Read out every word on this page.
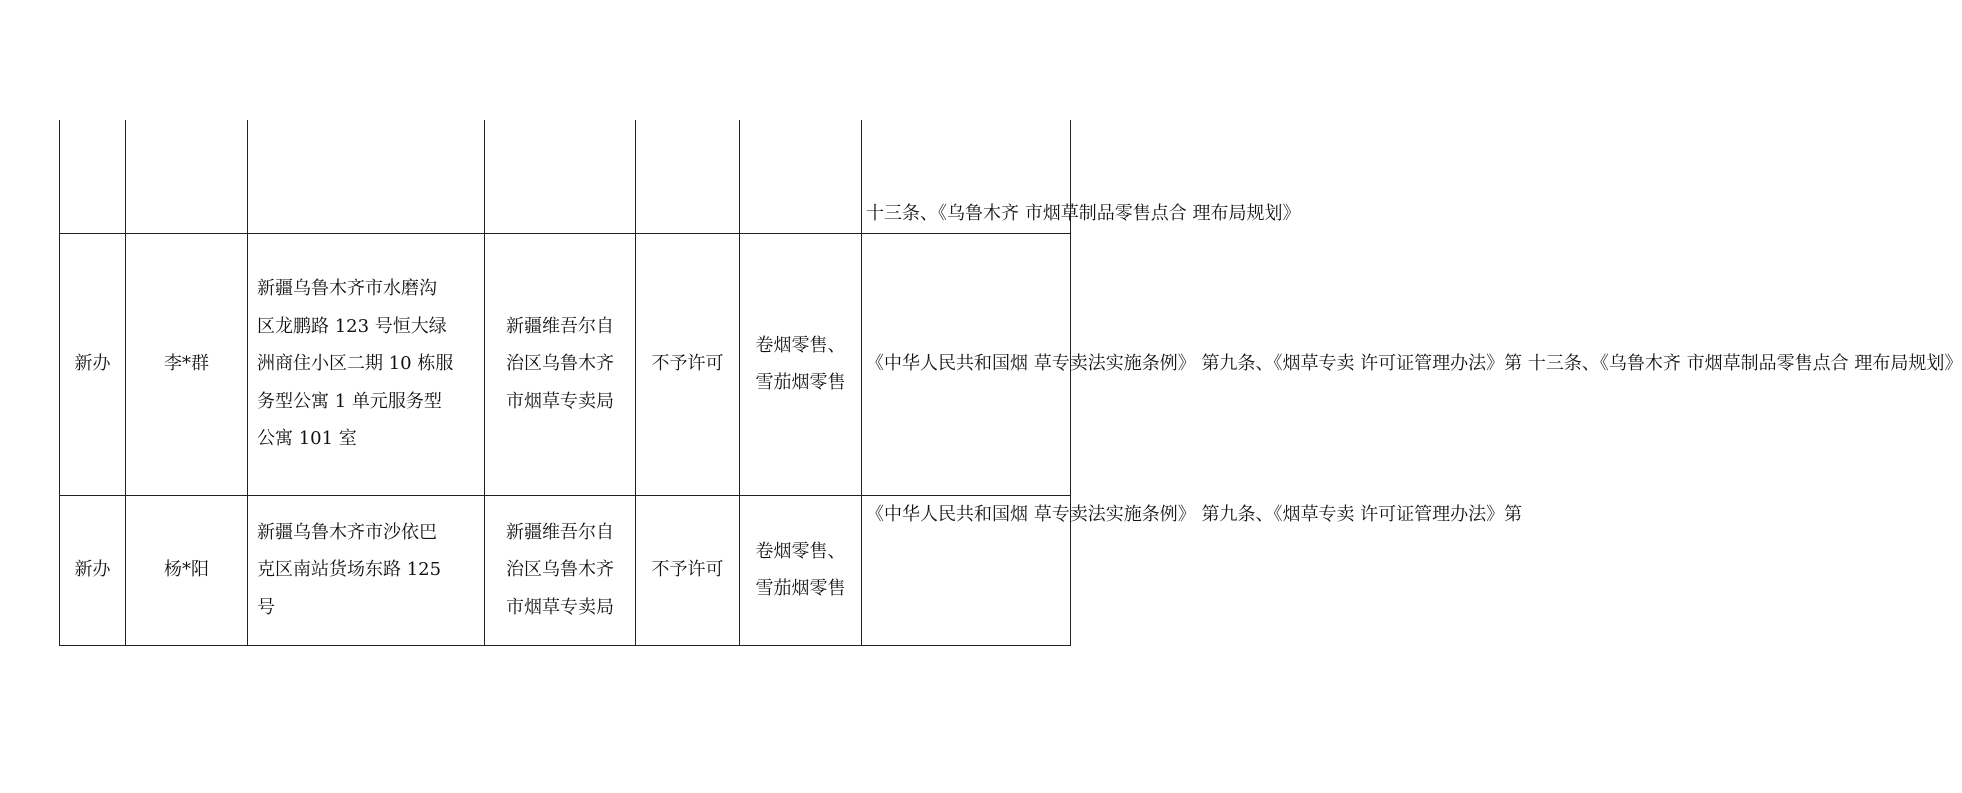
						十三条、《乌鲁木齐 市烟草制品零售点合 理布局规划》

新办	李*群	新疆乌鲁木齐市水磨沟
区龙鹏路 123 号恒大绿
洲商住小区二期 10 栋服
务型公寓 1 单元服务型
公寓 101 室	新疆维吾尔自
治区乌鲁木齐
市烟草专卖局	不予许可	卷烟零售、
雪茄烟零售	《中华人民共和国烟 草专卖法实施条例》 第九条、《烟草专卖 许可证管理办法》第 十三条、《乌鲁木齐 市烟草制品零售点合 理布局规划》

新办	杨*阳	新疆乌鲁木齐市沙依巴
克区南站货场东路 125
号	新疆维吾尔自
治区乌鲁木齐
市烟草专卖局	不予许可	卷烟零售、
雪茄烟零售	《中华人民共和国烟 草专卖法实施条例》 第九条、《烟草专卖 许可证管理办法》第
